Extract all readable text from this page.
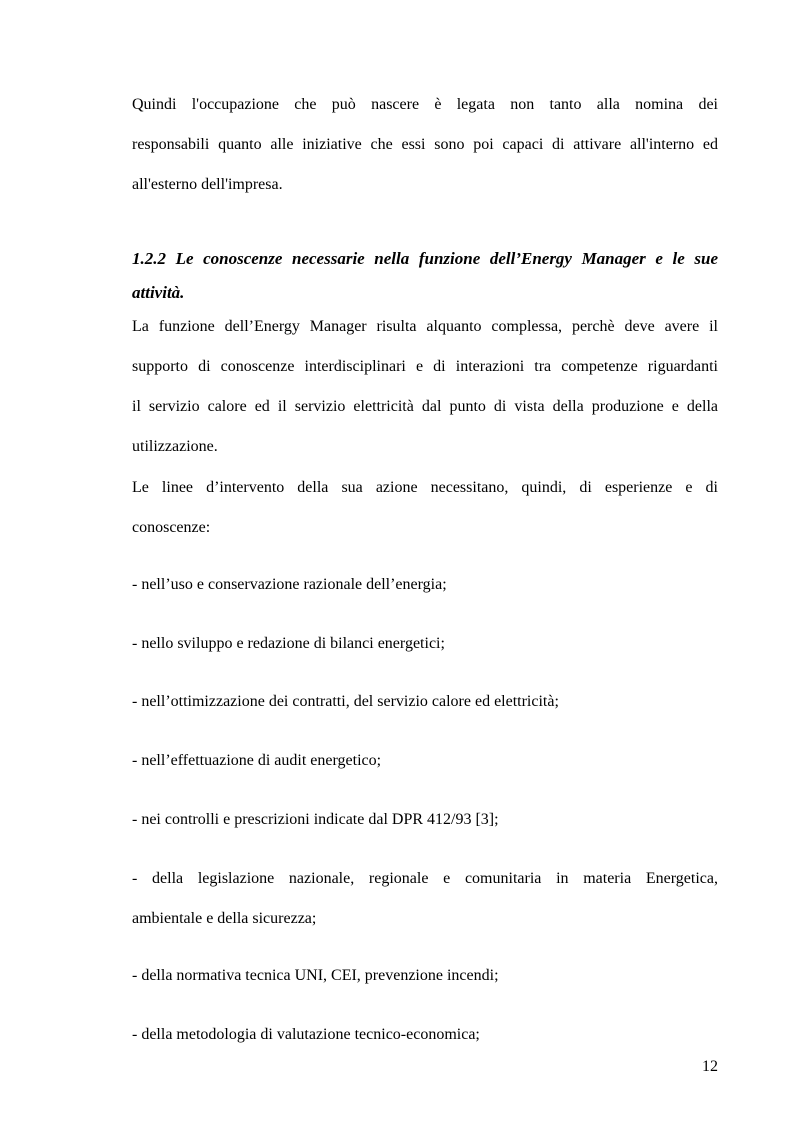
Quindi l'occupazione che può nascere è legata non tanto alla nomina dei
responsabili quanto alle iniziative che essi sono poi capaci di attivare all'interno ed
all'esterno dell'impresa.
1.2.2 Le conoscenze necessarie nella funzione dell’Energy Manager e le sue
attività.
La funzione dell’Energy Manager risulta alquanto complessa, perchè deve avere il
supporto di conoscenze interdisciplinari e di interazioni tra competenze riguardanti
il servizio calore ed il servizio elettricità dal punto di vista della produzione e della
utilizzazione.
Le linee d’intervento della sua azione necessitano, quindi, di esperienze e di
conoscenze:
- nell’uso e conservazione razionale dell’energia;
- nello sviluppo e redazione di bilanci energetici;
- nell’ottimizzazione dei contratti, del servizio calore ed elettricità;
- nell’effettuazione di audit energetico;
- nei controlli e prescrizioni indicate dal DPR 412/93 [3];
- della legislazione nazionale, regionale e comunitaria in materia Energetica,
ambientale e della sicurezza;
- della normativa tecnica UNI, CEI, prevenzione incendi;
- della metodologia di valutazione tecnico-economica;
12
